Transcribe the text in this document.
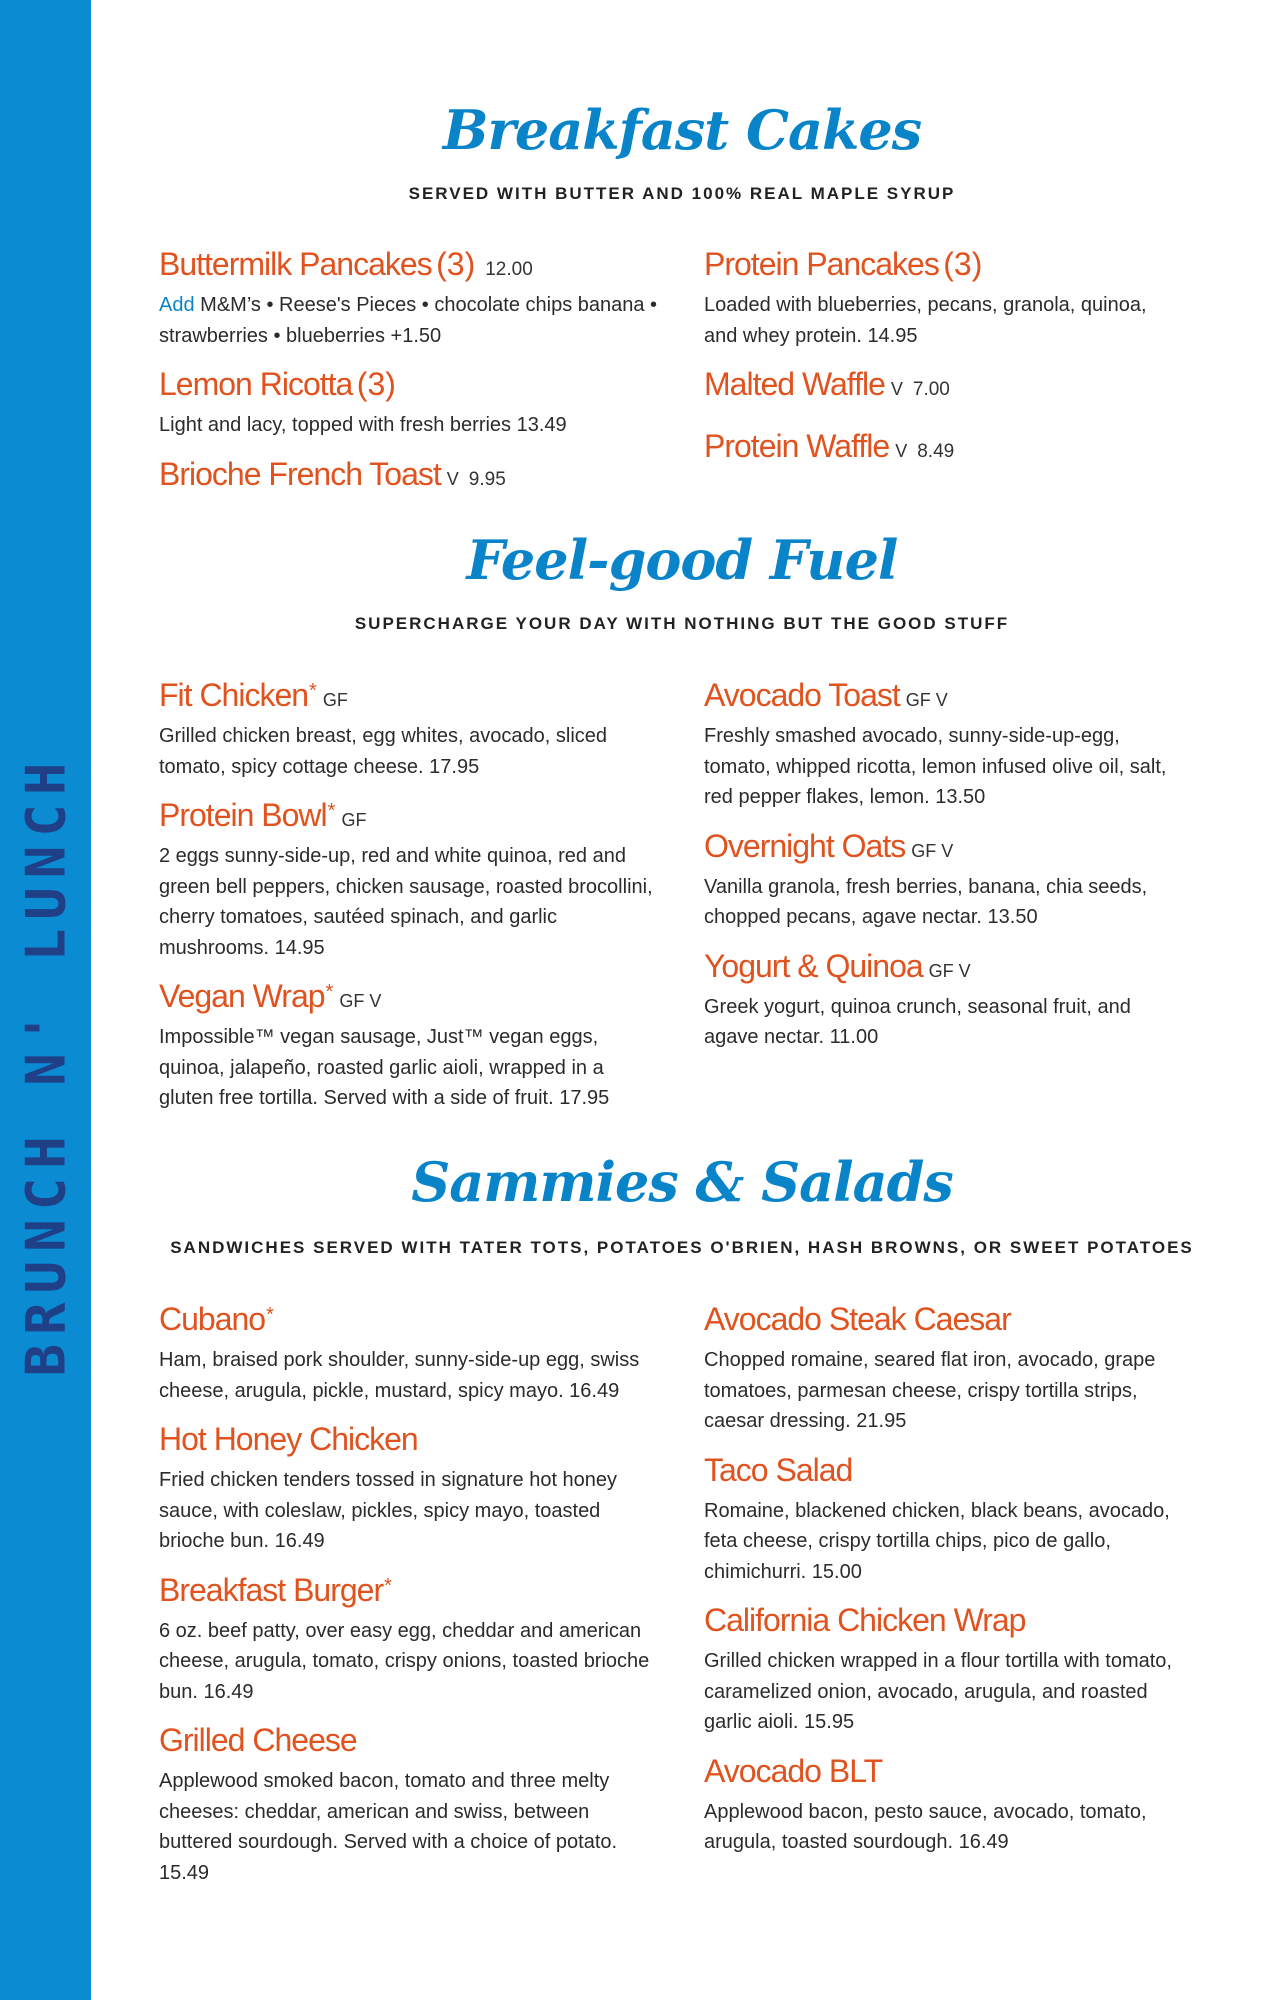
BRUNCH N' LUNCH
Breakfast Cakes
SERVED WITH BUTTER AND 100% REAL MAPLE SYRUP
Buttermilk Pancakes (3) 12.00
Add M&M’s • Reese's Pieces • chocolate chips banana • strawberries • blueberries +1.50
Lemon Ricotta (3)
Light and lacy, topped with fresh berries 13.49
Brioche French Toast V 9.95
Protein Pancakes (3)
Loaded with blueberries, pecans, granola, quinoa, and whey protein. 14.95
Malted Waffle V 7.00
Protein Waffle V 8.49
Feel-good Fuel
SUPERCHARGE YOUR DAY WITH NOTHING BUT THE GOOD STUFF
Fit Chicken* GF
Grilled chicken breast, egg whites, avocado, sliced tomato, spicy cottage cheese. 17.95
Protein Bowl* GF
2 eggs sunny-side-up, red and white quinoa, red and green bell peppers, chicken sausage, roasted brocollini, cherry tomatoes, sautéed spinach, and garlic mushrooms. 14.95
Vegan Wrap* GF V
Impossible™ vegan sausage, Just™ vegan eggs, quinoa, jalapeño, roasted garlic aioli, wrapped in a gluten free tortilla. Served with a side of fruit. 17.95
Avocado Toast GF V
Freshly smashed avocado, sunny-side-up-egg, tomato, whipped ricotta, lemon infused olive oil, salt, red pepper flakes, lemon. 13.50
Overnight Oats GF V
Vanilla granola, fresh berries, banana, chia seeds, chopped pecans, agave nectar. 13.50
Yogurt & Quinoa GF V
Greek yogurt, quinoa crunch, seasonal fruit, and agave nectar. 11.00
Sammies & Salads
SANDWICHES SERVED WITH TATER TOTS, POTATOES O'BRIEN, HASH BROWNS, OR SWEET POTATOES
Cubano*
Ham, braised pork shoulder, sunny-side-up egg, swiss cheese, arugula, pickle, mustard, spicy mayo. 16.49
Hot Honey Chicken
Fried chicken tenders tossed in signature hot honey sauce, with coleslaw, pickles, spicy mayo, toasted brioche bun. 16.49
Breakfast Burger*
6 oz. beef patty, over easy egg, cheddar and american cheese, arugula, tomato, crispy onions, toasted brioche bun. 16.49
Grilled Cheese
Applewood smoked bacon, tomato and three melty cheeses: cheddar, american and swiss, between buttered sourdough. Served with a choice of potato. 15.49
Avocado Steak Caesar
Chopped romaine, seared flat iron, avocado, grape tomatoes, parmesan cheese, crispy tortilla strips, caesar dressing. 21.95
Taco Salad
Romaine, blackened chicken, black beans, avocado, feta cheese, crispy tortilla chips, pico de gallo, chimichurri. 15.00
California Chicken Wrap
Grilled chicken wrapped in a flour tortilla with tomato, caramelized onion, avocado, arugula, and roasted garlic aioli. 15.95
Avocado BLT
Applewood bacon, pesto sauce, avocado, tomato, arugula, toasted sourdough. 16.49
